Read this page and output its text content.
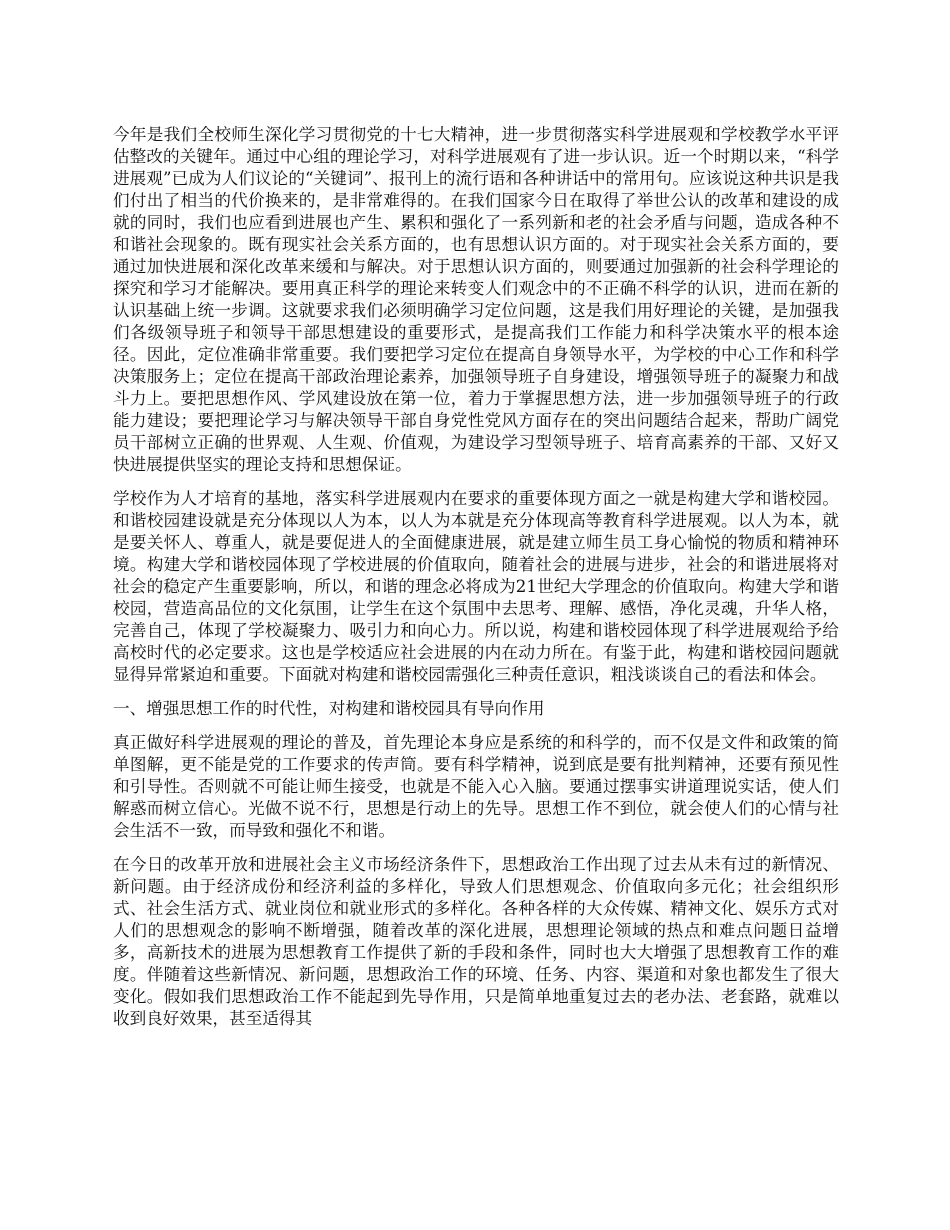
今年是我们全校师生深化学习贯彻党的十七大精神，进一步贯彻落实科学进展观和学校教学水平评估整改的关键年。通过中心组的理论学习，对科学进展观有了进一步认识。近一个时期以来，“科学进展观”已成为人们议论的“关键词”、报刊上的流行语和各种讲话中的常用句。应该说这种共识是我们付出了相当的代价换来的，是非常难得的。在我们国家今日在取得了举世公认的改革和建设的成就的同时，我们也应看到进展也产生、累积和强化了一系列新和老的社会矛盾与问题，造成各种不和谐社会现象的。既有现实社会关系方面的，也有思想认识方面的。对于现实社会关系方面的，要通过加快进展和深化改革来缓和与解决。对于思想认识方面的，则要通过加强新的社会科学理论的探究和学习才能解决。要用真正科学的理论来转变人们观念中的不正确不科学的认识，进而在新的认识基础上统一步调。这就要求我们必须明确学习定位问题，这是我们用好理论的关键，是加强我们各级领导班子和领导干部思想建设的重要形式，是提高我们工作能力和科学决策水平的根本途径。因此，定位准确非常重要。我们要把学习定位在提高自身领导水平，为学校的中心工作和科学决策服务上；定位在提高干部政治理论素养，加强领导班子自身建设，增强领导班子的凝聚力和战斗力上。要把思想作风、学风建设放在第一位，着力于掌握思想方法，进一步加强领导班子的行政能力建设；要把理论学习与解决领导干部自身党性党风方面存在的突出问题结合起来，帮助广阔党员干部树立正确的世界观、人生观、价值观，为建设学习型领导班子、培育高素养的干部、又好又快进展提供坚实的理论支持和思想保证。

学校作为人才培育的基地，落实科学进展观内在要求的重要体现方面之一就是构建大学和谐校园。和谐校园建设就是充分体现以人为本，以人为本就是充分体现高等教育科学进展观。以人为本，就是要关怀人、尊重人，就是要促进人的全面健康进展，就是建立师生员工身心愉悦的物质和精神环境。构建大学和谐校园体现了学校进展的价值取向，随着社会的进展与进步，社会的和谐进展将对社会的稳定产生重要影响，所以，和谐的理念必将成为21世纪大学理念的价值取向。构建大学和谐校园，营造高品位的文化氛围，让学生在这个氛围中去思考、理解、感悟，净化灵魂，升华人格，完善自己，体现了学校凝聚力、吸引力和向心力。所以说，构建和谐校园体现了科学进展观给予给高校时代的必定要求。这也是学校适应社会进展的内在动力所在。有鉴于此，构建和谐校园问题就显得异常紧迫和重要。下面就对构建和谐校园需强化三种责任意识，粗浅谈谈自己的看法和体会。

一、增强思想工作的时代性，对构建和谐校园具有导向作用

真正做好科学进展观的理论的普及，首先理论本身应是系统的和科学的，而不仅是文件和政策的简单图解，更不能是党的工作要求的传声筒。要有科学精神，说到底是要有批判精神，还要有预见性和引导性。否则就不可能让师生接受，也就是不能入心入脑。要通过摆事实讲道理说实话，使人们解惑而树立信心。光做不说不行，思想是行动上的先导。思想工作不到位，就会使人们的心情与社会生活不一致，而导致和强化不和谐。

在今日的改革开放和进展社会主义市场经济条件下，思想政治工作出现了过去从未有过的新情况、新问题。由于经济成份和经济利益的多样化，导致人们思想观念、价值取向多元化；社会组织形式、社会生活方式、就业岗位和就业形式的多样化。各种各样的大众传媒、精神文化、娱乐方式对人们的思想观念的影响不断增强，随着改革的深化进展，思想理论领域的热点和难点问题日益增多，高新技术的进展为思想教育工作提供了新的手段和条件，同时也大大增强了思想教育工作的难度。伴随着这些新情况、新问题，思想政治工作的环境、任务、内容、渠道和对象也都发生了很大变化。假如我们思想政治工作不能起到先导作用，只是简单地重复过去的老办法、老套路，就难以收到良好效果，甚至适得其
